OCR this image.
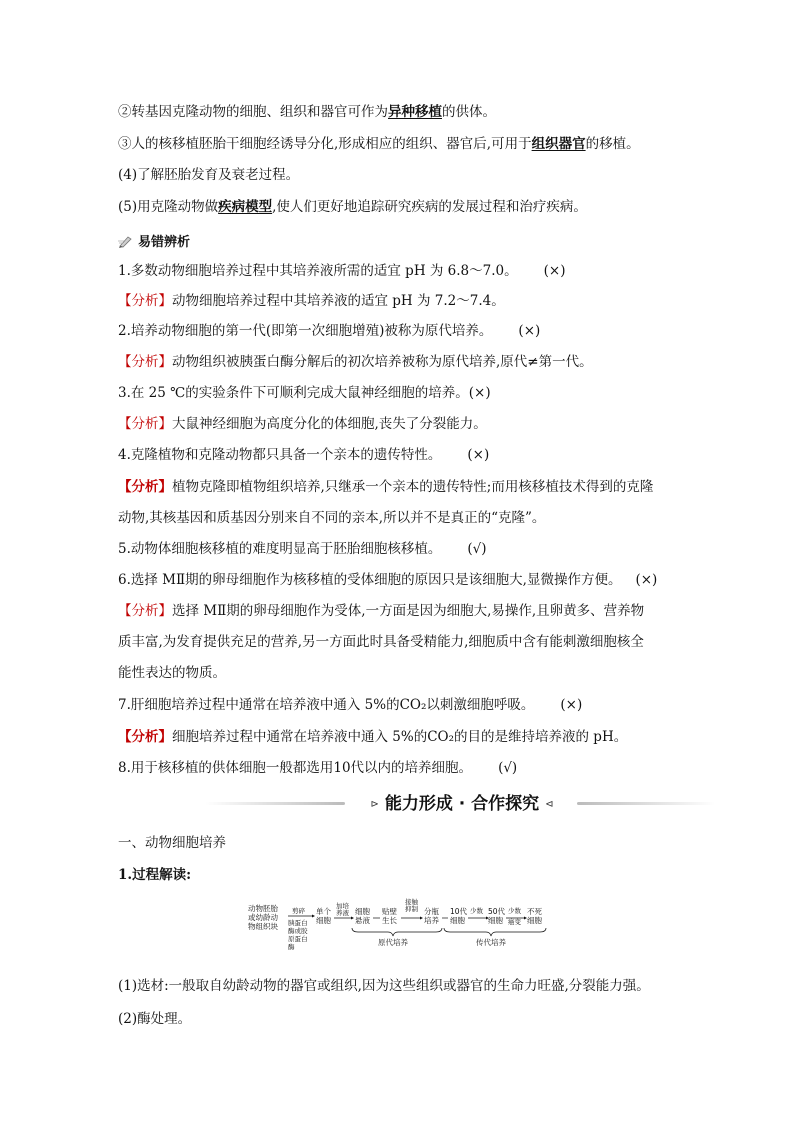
②转基因克隆动物的细胞、组织和器官可作为异种移植的供体。
③人的核移植胚胎干细胞经诱导分化,形成相应的组织、器官后,可用于组织器官的移植。
(4)了解胚胎发育及衰老过程。
(5)用克隆动物做疾病模型,使人们更好地追踪研究疾病的发展过程和治疗疾病。
易错辨析
1.多数动物细胞培养过程中其培养液所需的适宜 pH 为 6.8～7.0。 (×)
【分析】动物细胞培养过程中其培养液的适宜 pH 为 7.2～7.4。
2.培养动物细胞的第一代(即第一次细胞增殖)被称为原代培养。 (×)
【分析】动物组织被胰蛋白酶分解后的初次培养被称为原代培养,原代≠第一代。
3.在 25 ℃的实验条件下可顺利完成大鼠神经细胞的培养。(×)
【分析】大鼠神经细胞为高度分化的体细胞,丧失了分裂能力。
4.克隆植物和克隆动物都只具备一个亲本的遗传特性。 (×)
【分析】植物克隆即植物组织培养,只继承一个亲本的遗传特性;而用核移植技术得到的克隆
动物,其核基因和质基因分别来自不同的亲本,所以并不是真正的“克隆”。
5.动物体细胞核移植的难度明显高于胚胎细胞核移植。 (√)
6.选择 MⅡ期的卵母细胞作为核移植的受体细胞的原因只是该细胞大,显微操作方便。 (×)
【分析】选择 MⅡ期的卵母细胞作为受体,一方面是因为细胞大,易操作,且卵黄多、营养物
质丰富,为发育提供充足的营养,另一方面此时具备受精能力,细胞质中含有能刺激细胞核全
能性表达的物质。
7.肝细胞培养过程中通常在培养液中通入 5%的CO₂以刺激细胞呼吸。 (×)
【分析】细胞培养过程中通常在培养液中通入 5%的CO₂的目的是维持培养液的 pH。
8.用于核移植的供体细胞一般都选用10代以内的培养细胞。 (√)
⊳ 能力形成 · 合作探究 ⊲
一、动物细胞培养
1.过程解读:
动物胚胎
或幼龄动
物组织块
剪碎
胰蛋白
酶或胶
原蛋白
酶
单个
细胞
加培
养液 细胞
悬液
贴壁
生长
接触
抑制 分瓶
培养
10代
细胞
少数 50代
细胞
少数
癌变
不死
细胞
原代培养	传代培养
(1)选材:一般取自幼龄动物的器官或组织,因为这些组织或器官的生命力旺盛,分裂能力强。
(2)酶处理。
